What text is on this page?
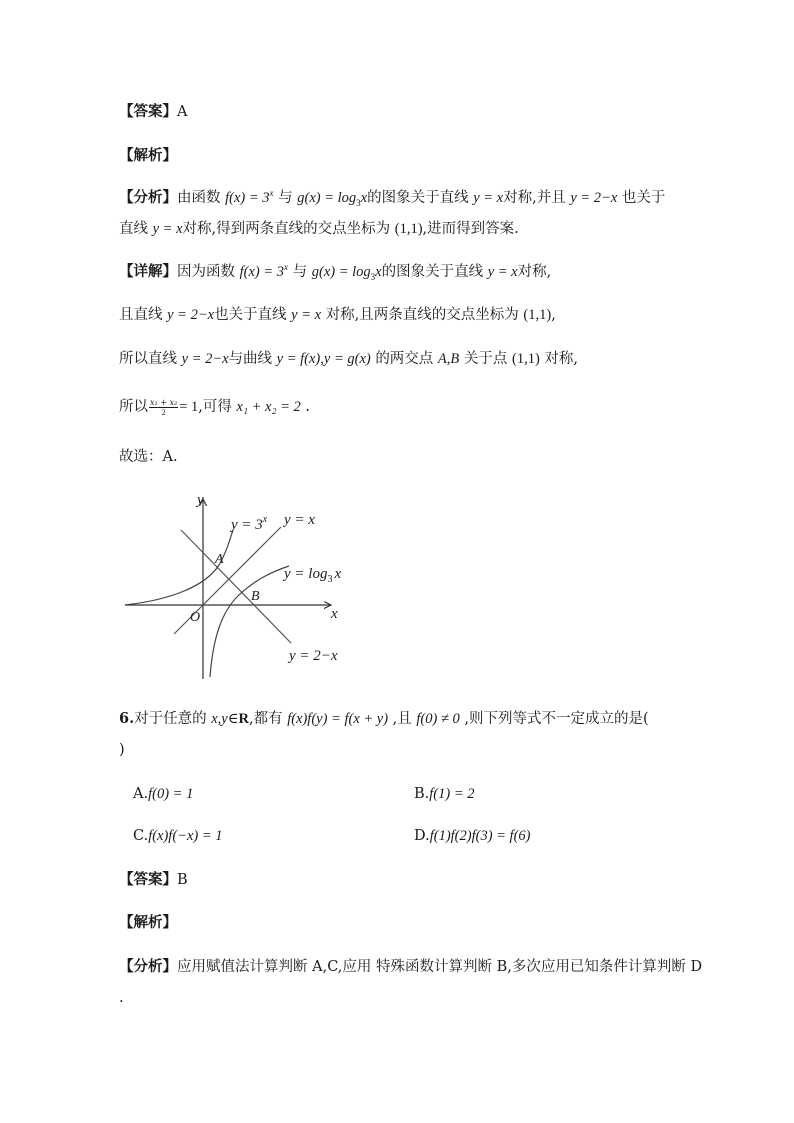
【答案】A
【解析】
【分析】由函数 $f(x) = 3^x$ 与 $g(x) = \log_3x$的图象关于直线 y = x对称,并且 y = 2−x 也关于
直线 y = x对称,得到两条直线的交点坐标为 (1,1),进而得到答案.
【详解】因为函数 $f(x) = 3^x$ 与 $g(x) = \log_3x$的图象关于直线 y = x对称,
且直线 y = 2−x也关于直线 y = x 对称,且两条直线的交点坐标为 (1,1),
所以直线 y = 2−x与曲线 y = f(x),y = g(x) 的两交点 A,B 关于点 (1,1) 对称,
所以 $\frac{\text{x₁ + x₂}}{2} = 1$,可得 x₁ + x₂ = 2 .
故选：A.
y
x
O
A
B
$y = 3^x$ y = x
$y = \log_3 x$
y = 2−x
6.对于任意的 x,y∈R,都有 f(x)f(y) = f(x + y) ,且 f(0) ≠ 0 ,则下列等式不一定成立的是(
)
A.f(0) = 1	B.f(1) = 2
C.f(x)f(−x) = 1	D.f(1)f(2)f(3) = f(6)
【答案】B
【解析】
【分析】应用赋值法计算判断 A,C,应用 特殊函数计算判断 B,多次应用已知条件计算判断 D
.
